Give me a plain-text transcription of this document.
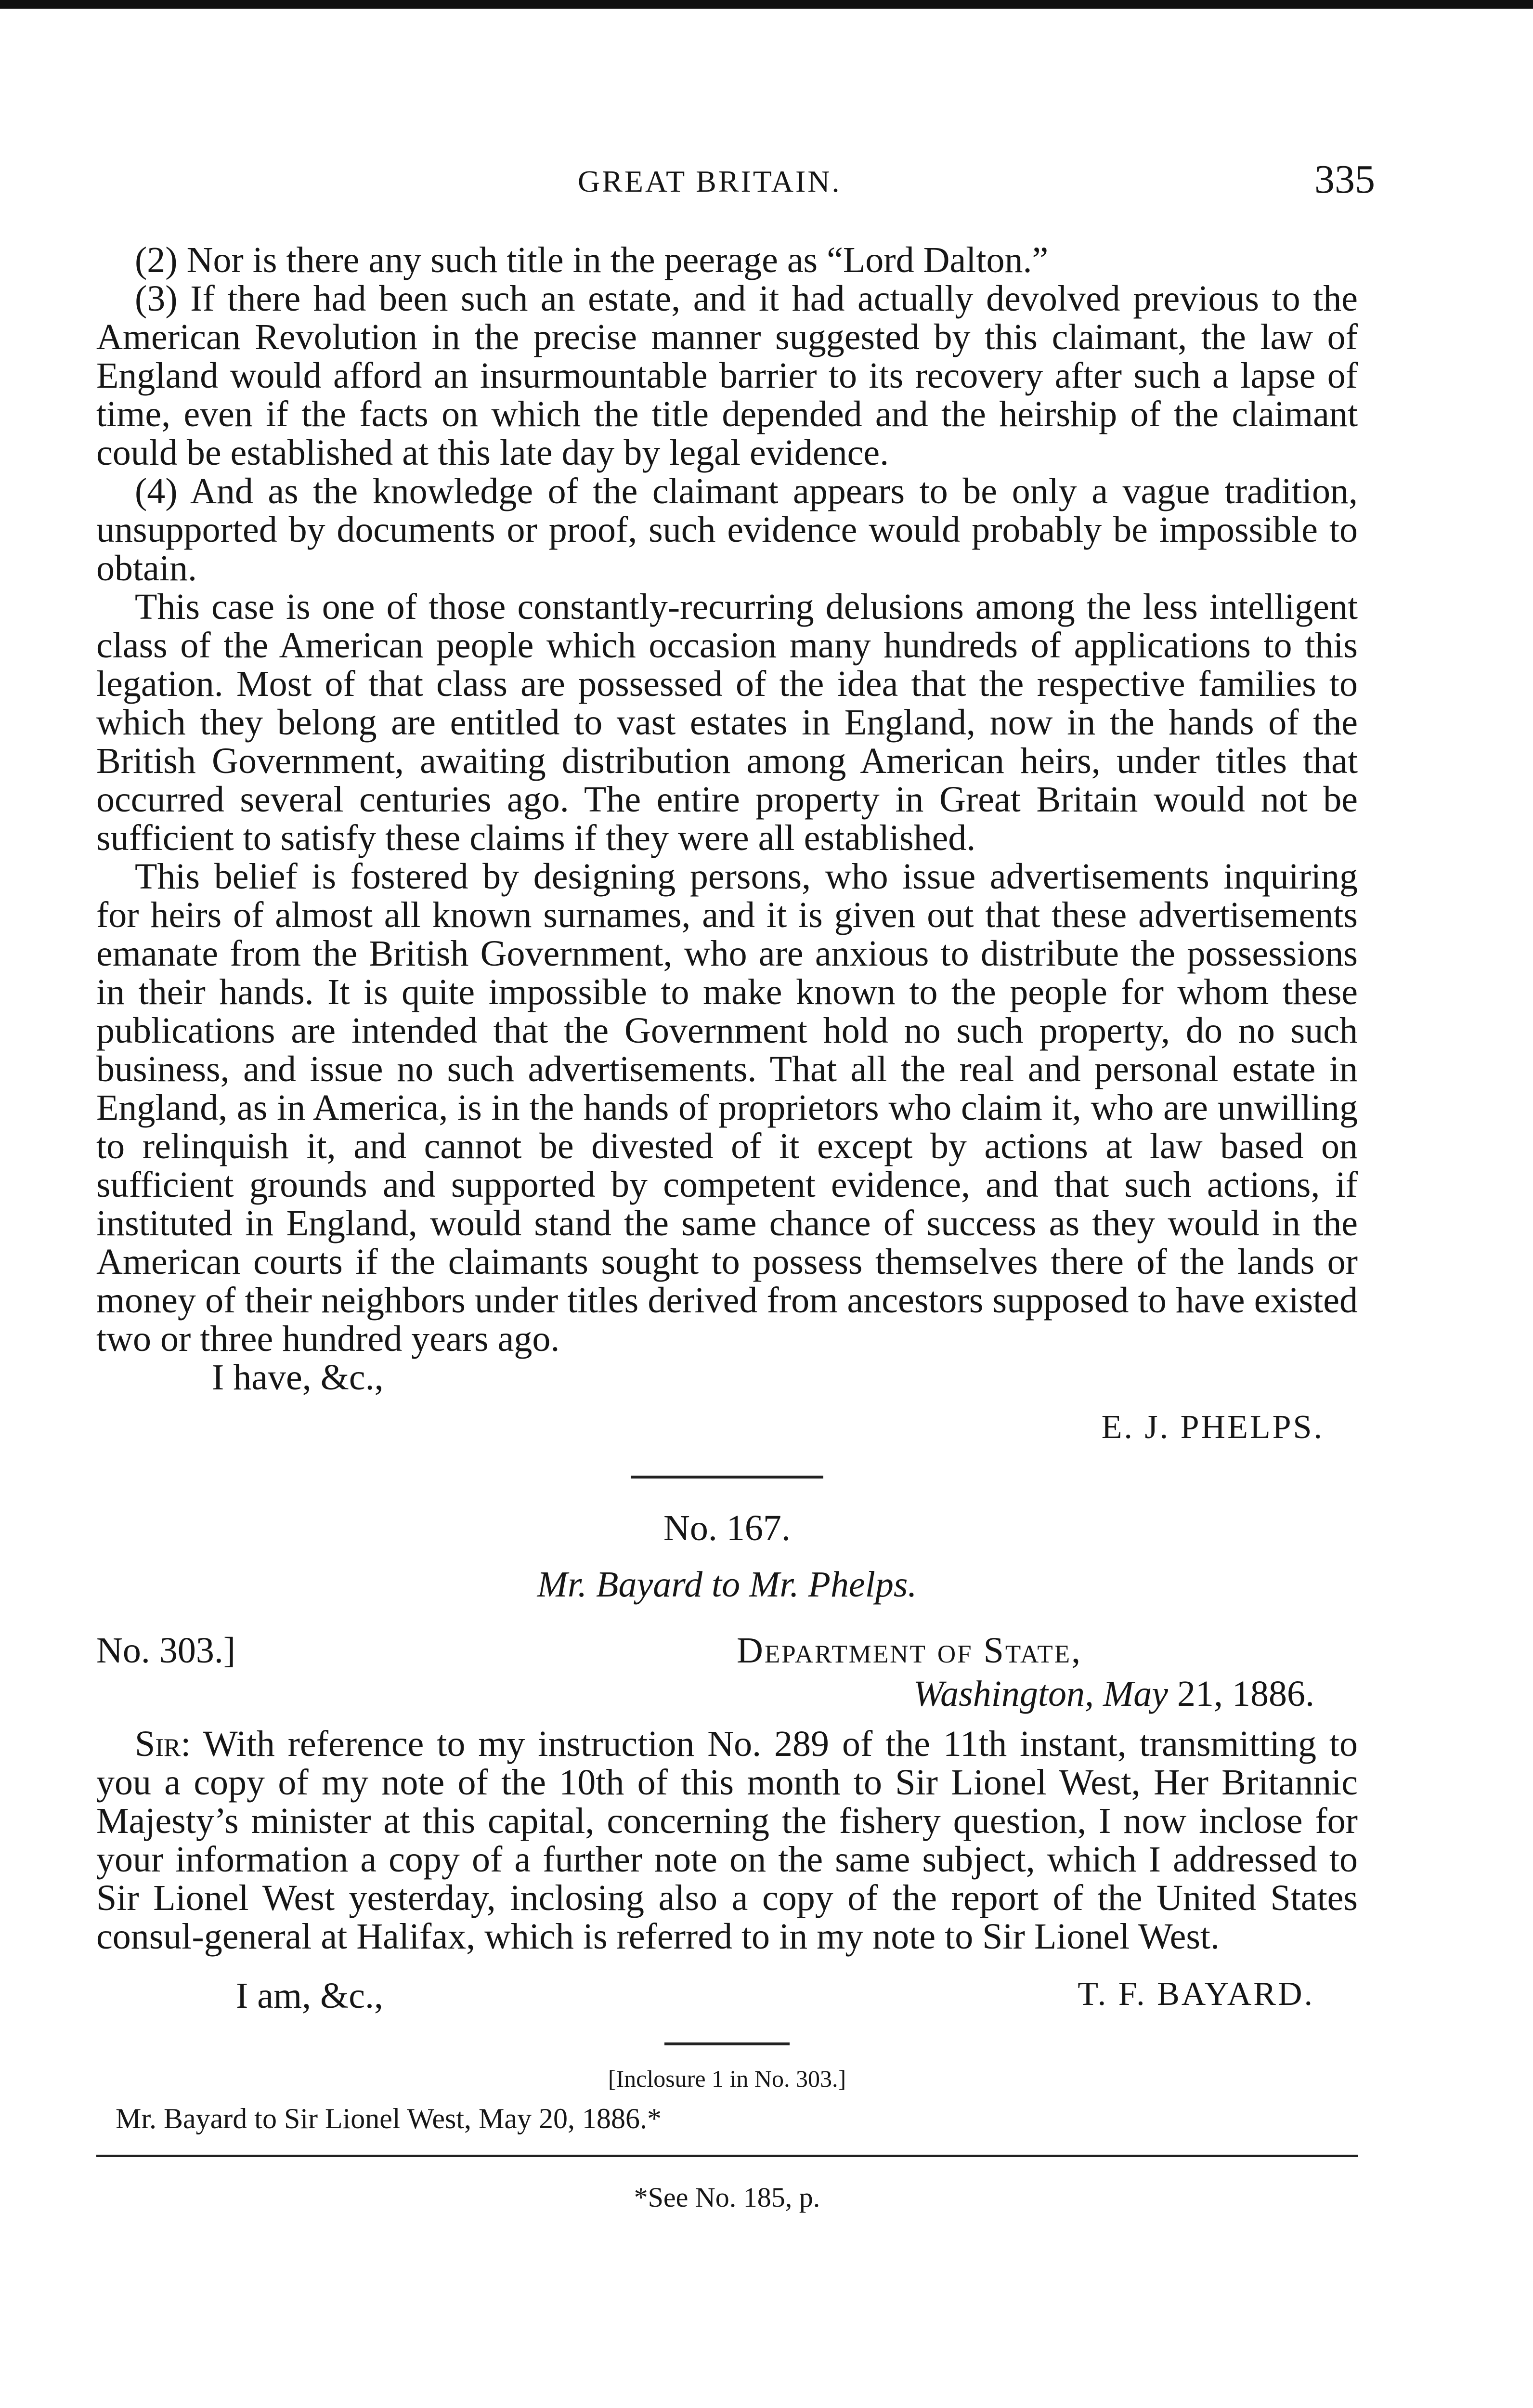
GREAT BRITAIN.	335

(2) Nor is there any such title in the peerage as “Lord Dalton.”

(3) If there had been such an estate, and it had actually devolved previous to the American Revolution in the precise manner suggested by this claimant, the law of England would afford an insurmountable barrier to its recovery after such a lapse of time, even if the facts on which the title depended and the heirship of the claimant could be established at this late day by legal evidence.

(4) And as the knowledge of the claimant appears to be only a vague tradition, unsupported by documents or proof, such evidence would probably be impossible to obtain.

This case is one of those constantly-recurring delusions among the less intelligent class of the American people which occasion many hundreds of applications to this legation. Most of that class are possessed of the idea that the respective families to which they belong are entitled to vast estates in England, now in the hands of the British Government, awaiting distribution among American heirs, under titles that occurred several centuries ago. The entire property in Great Britain would not be sufficient to satisfy these claims if they were all established.

This belief is fostered by designing persons, who issue advertisements inquiring for heirs of almost all known surnames, and it is given out that these advertisements emanate from the British Government, who are anxious to distribute the possessions in their hands. It is quite impossible to make known to the people for whom these publications are intended that the Government hold no such property, do no such business, and issue no such advertisements. That all the real and personal estate in England, as in America, is in the hands of proprietors who claim it, who are unwilling to relinquish it, and cannot be divested of it except by actions at law based on sufficient grounds and supported by competent evidence, and that such actions, if instituted in England, would stand the same chance of success as they would in the American courts if the claimants sought to possess themselves there of the lands or money of their neighbors under titles derived from ancestors supposed to have existed two or three hundred years ago.

I have, &c.,

E. J. PHELPS.
No. 167.
Mr. Bayard to Mr. Phelps.
No. 303.]	Department of State,
Washington, May 21, 1886.

Sir: With reference to my instruction No. 289 of the 11th instant, transmitting to you a copy of my note of the 10th of this month to Sir Lionel West, Her Britannic Majesty’s minister at this capital, concerning the fishery question, I now inclose for your information a copy of a further note on the same subject, which I addressed to Sir Lionel West yesterday, inclosing also a copy of the report of the United States consul-general at Halifax, which is referred to in my note to Sir Lionel West.

I am, &c.,	T. F. BAYARD.
[Inclosure 1 in No. 303.]
Mr. Bayard to Sir Lionel West, May 20, 1886.*
*See No. 185, p.
